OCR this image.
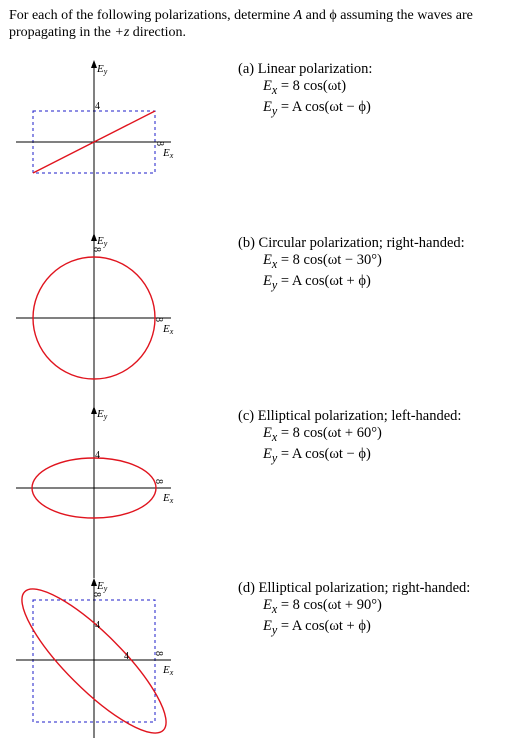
For each of the following polarizations, determine A and ϕ assuming the waves are propagating in the +z direction.
Ey
4
8
Ex
Ey
8
8
Ex
Ey
4
8
Ex
Ey
8
4
4 8
Ex
(a) Linear polarization:
$E_x = 8$ cos(ωt)
$E_y = A$ cos(ωt − ϕ)
(b) Circular polarization; right-handed:
$E_x = 8$ cos(ωt − 30°)
$E_y = A$ cos(ωt + ϕ)
(c) Elliptical polarization; left-handed:
$E_x = 8$ cos(ωt + 60°)
$E_y = A$ cos(ωt − ϕ)
(d) Elliptical polarization; right-handed:
$E_x = 8$ cos(ωt + 90°)
$E_y = A$ cos(ωt + ϕ)
